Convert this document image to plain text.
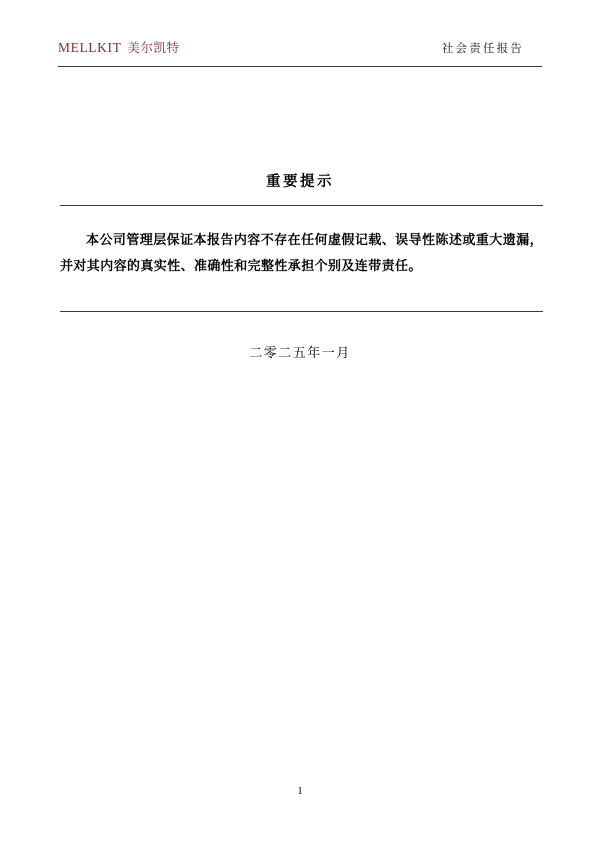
MELLKIT 美尔凯特	社会责任报告
重要提示
本公司管理层保证本报告内容不存在任何虚假记载、误导性陈述或重大遗漏，并对其内容的真实性、准确性和完整性承担个别及连带责任。
二零二五年一月
1
